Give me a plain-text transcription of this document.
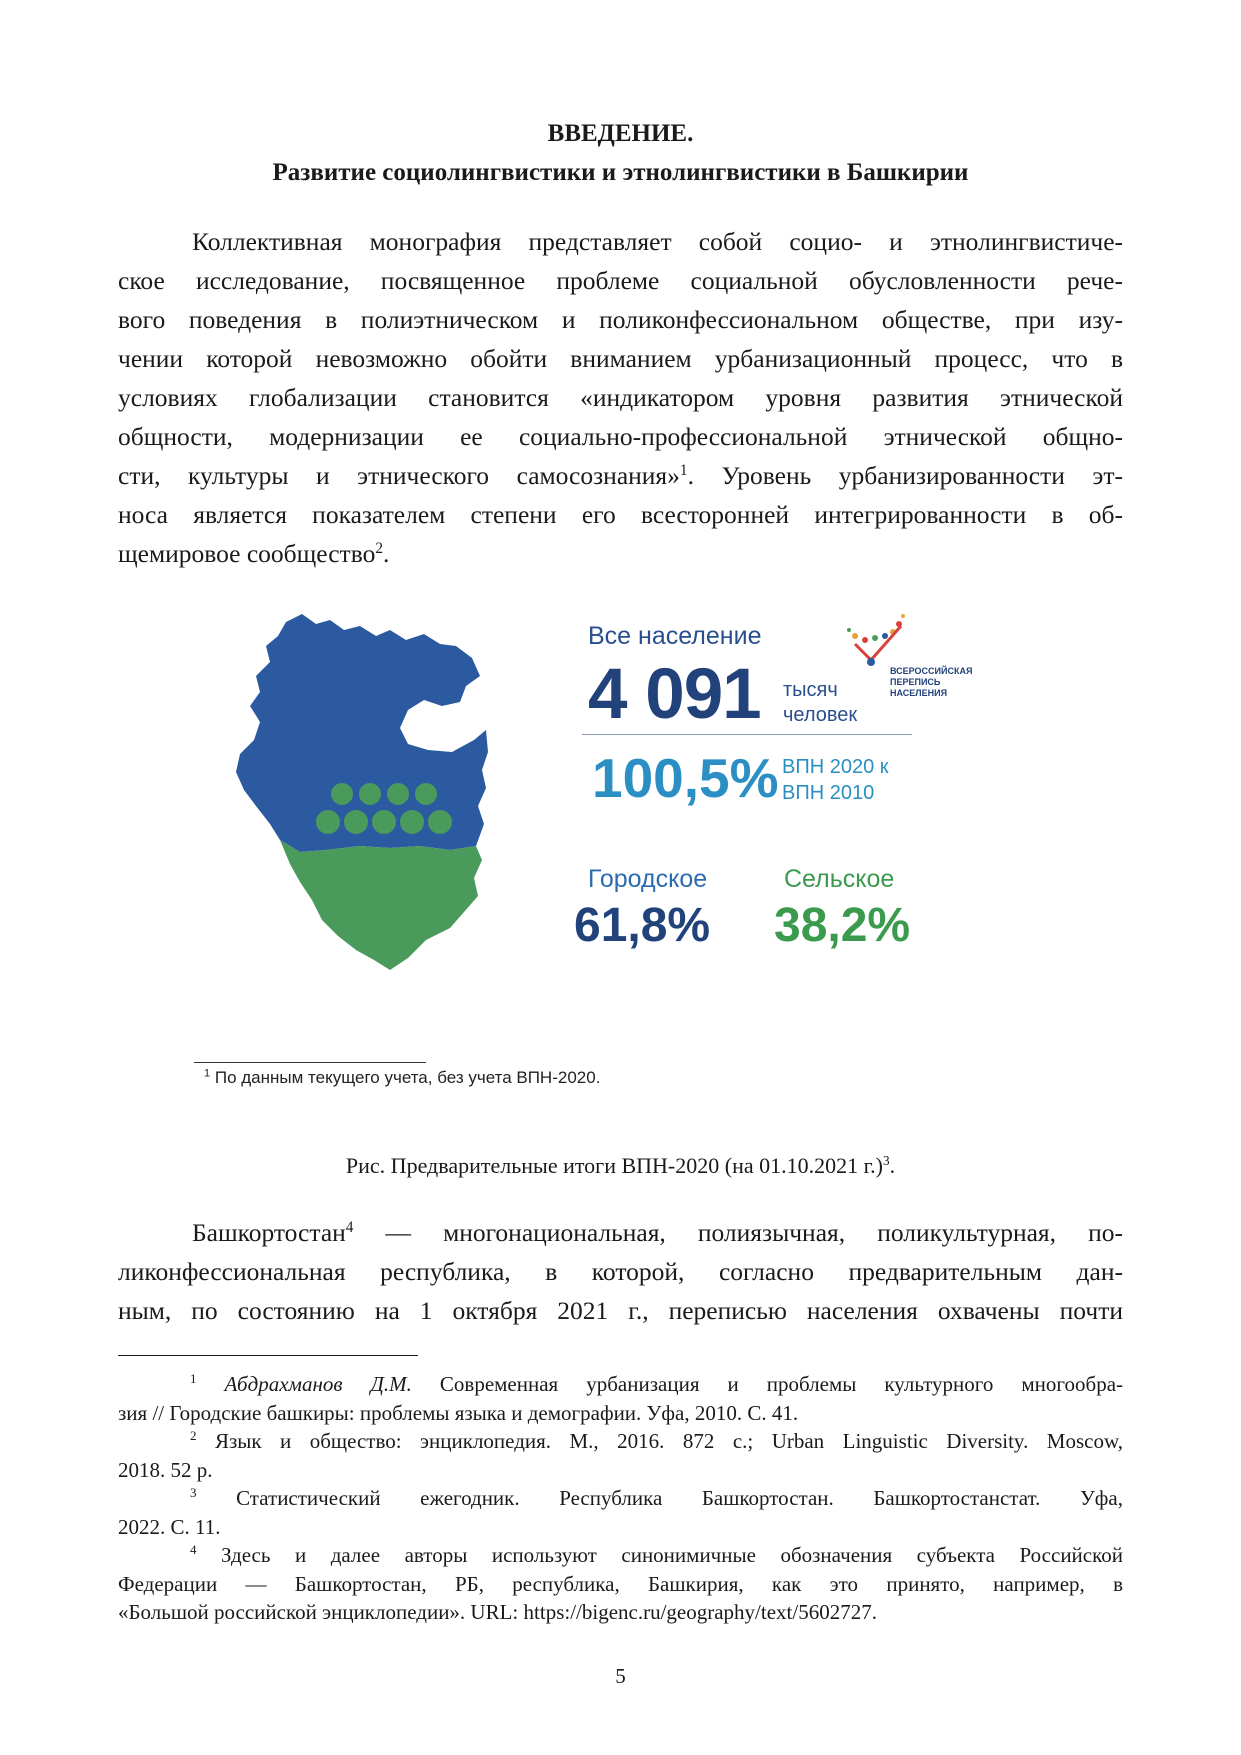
ВВЕДЕНИЕ.
Развитие социолингвистики и этнолингвистики в Башкирии
Коллективная монография представляет собой социо- и этнолингвистиче-
ское исследование, посвященное проблеме социальной обусловленности рече-
вого поведения в полиэтническом и поликонфессиональном обществе, при изу-
чении которой невозможно обойти вниманием урбанизационный процесс, что в
условиях глобализации становится «индикатором уровня развития этнической
общности, модернизации ее социально-профессиональной этнической общно-
сти, культуры и этнического самосознания»$^1$. Уровень урбанизированности эт-
носа является показателем степени его всесторонней интегрированности в об-
щемировое сообщество$^2$.
Все население
4 091 тысяч
человек
100,5% ВПН 2020 к
ВПН 2010
Городское
61,8%
Сельское
38,2%
ВСЕРОССИЙСКАЯ
ПЕРЕПИСЬ
НАСЕЛЕНИЯ
$^1$ По данным текущего учета, без учета ВПН-2020.
Рис. Предварительные итоги ВПН-2020 (на 01.10.2021 г.)$^3$.
Башкортостан$^4$ — многонациональная, полиязычная, поликультурная, по-
ликонфессиональная республика, в которой, согласно предварительным дан-
ным, по состоянию на 1 октября 2021 г., переписью населения охвачены почти
$^1$ Абдрахманов Д.М. Современная урбанизация и проблемы культурного многообра-
зия // Городские башкиры: проблемы языка и демографии. Уфа, 2010. С. 41.
$^2$ Язык и общество: энциклопедия. М., 2016. 872 с.; Urban Linguistic Diversity. Moscow,
2018. 52 p.
$^3$ Статистический ежегодник. Республика Башкортостан. Башкортостанстат. Уфа,
2022. С. 11.
$^4$ Здесь и далее авторы используют синонимичные обозначения субъекта Российской
Федерации — Башкортостан, РБ, республика, Башкирия, как это принято, например, в
«Большой российской энциклопедии». URL: https://bigenc.ru/geography/text/5602727.
5
